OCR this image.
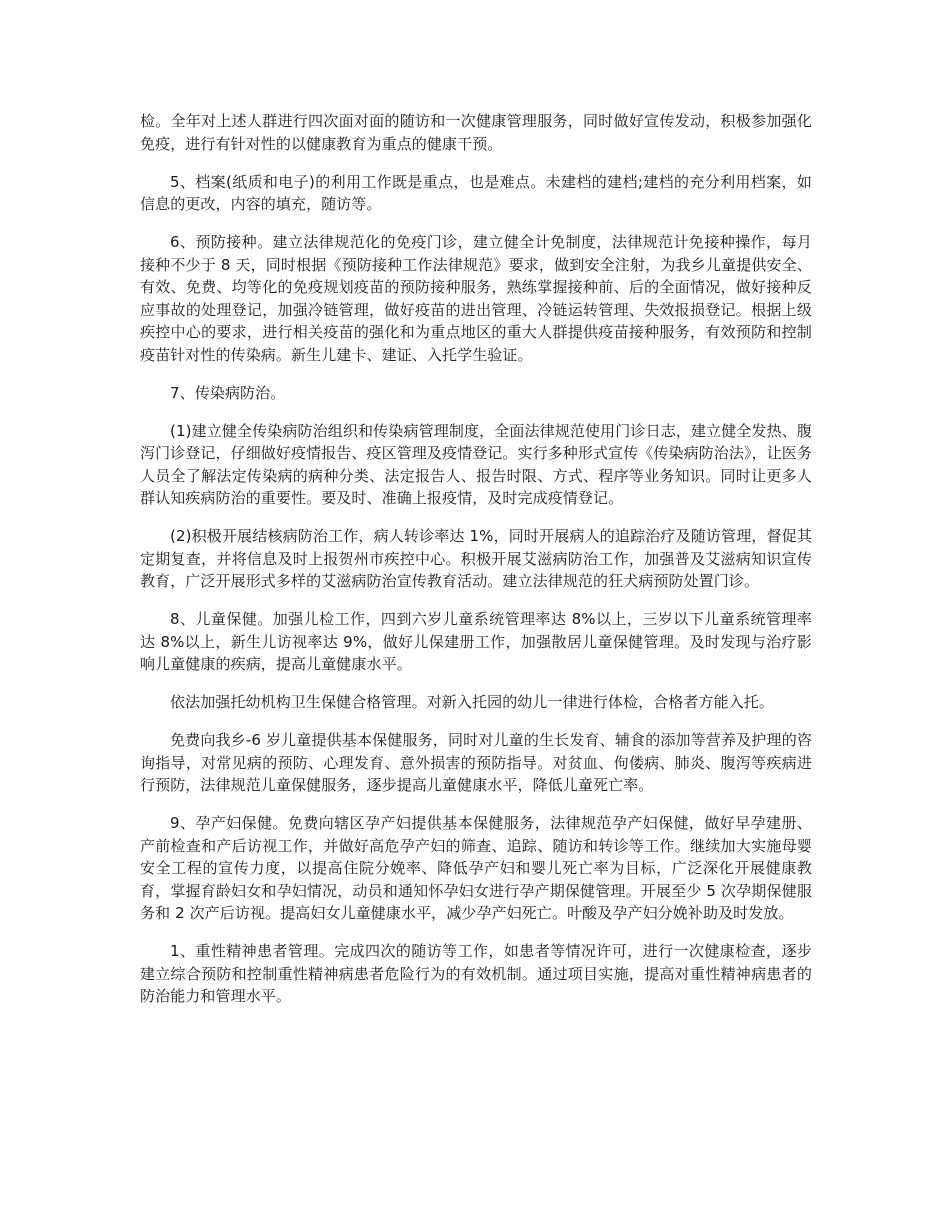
检。全年对上述人群进行四次面对面的随访和一次健康管理服务，同时做好宣传发动，积极参加强化免疫，进行有针对性的以健康教育为重点的健康干预。

5、档案(纸质和电子)的利用工作既是重点，也是难点。未建档的建档;建档的充分利用档案，如信息的更改，内容的填充，随访等。

6、预防接种。建立法律规范化的免疫门诊，建立健全计免制度，法律规范计免接种操作，每月接种不少于 8 天，同时根据《预防接种工作法律规范》要求，做到安全注射，为我乡儿童提供安全、有效、免费、均等化的免疫规划疫苗的预防接种服务，熟练掌握接种前、后的全面情况，做好接种反应事故的处理登记，加强冷链管理，做好疫苗的进出管理、冷链运转管理、失效报损登记。根据上级疾控中心的要求，进行相关疫苗的强化和为重点地区的重大人群提供疫苗接种服务，有效预防和控制疫苗针对性的传染病。新生儿建卡、建证、入托学生验证。

7、传染病防治。

(1)建立健全传染病防治组织和传染病管理制度，全面法律规范使用门诊日志，建立健全发热、腹泻门诊登记，仔细做好疫情报告、疫区管理及疫情登记。实行多种形式宣传《传染病防治法》，让医务人员全了解法定传染病的病种分类、法定报告人、报告时限、方式、程序等业务知识。同时让更多人群认知疾病防治的重要性。要及时、准确上报疫情，及时完成疫情登记。

(2)积极开展结核病防治工作，病人转诊率达 1%，同时开展病人的追踪治疗及随访管理，督促其定期复查，并将信息及时上报贺州市疾控中心。积极开展艾滋病防治工作，加强普及艾滋病知识宣传教育，广泛开展形式多样的艾滋病防治宣传教育活动。建立法律规范的狂犬病预防处置门诊。

8、儿童保健。加强儿检工作，四到六岁儿童系统管理率达 8%以上，三岁以下儿童系统管理率达 8%以上，新生儿访视率达 9%，做好儿保建册工作，加强散居儿童保健管理。及时发现与治疗影响儿童健康的疾病，提高儿童健康水平。

依法加强托幼机构卫生保健合格管理。对新入托园的幼儿一律进行体检，合格者方能入托。

免费向我乡-6 岁儿童提供基本保健服务，同时对儿童的生长发育、辅食的添加等营养及护理的咨询指导，对常见病的预防、心理发育、意外损害的预防指导。对贫血、佝偻病、肺炎、腹泻等疾病进行预防，法律规范儿童保健服务，逐步提高儿童健康水平，降低儿童死亡率。

9、孕产妇保健。免费向辖区孕产妇提供基本保健服务，法律规范孕产妇保健，做好早孕建册、产前检查和产后访视工作，并做好高危孕产妇的筛查、追踪、随访和转诊等工作。继续加大实施母婴安全工程的宣传力度，以提高住院分娩率、降低孕产妇和婴儿死亡率为目标，广泛深化开展健康教育，掌握育龄妇女和孕妇情况，动员和通知怀孕妇女进行孕产期保健管理。开展至少 5 次孕期保健服务和 2 次产后访视。提高妇女儿童健康水平，减少孕产妇死亡。叶酸及孕产妇分娩补助及时发放。

1、重性精神患者管理。完成四次的随访等工作，如患者等情况许可，进行一次健康检查，逐步建立综合预防和控制重性精神病患者危险行为的有效机制。通过项目实施，提高对重性精神病患者的防治能力和管理水平。
